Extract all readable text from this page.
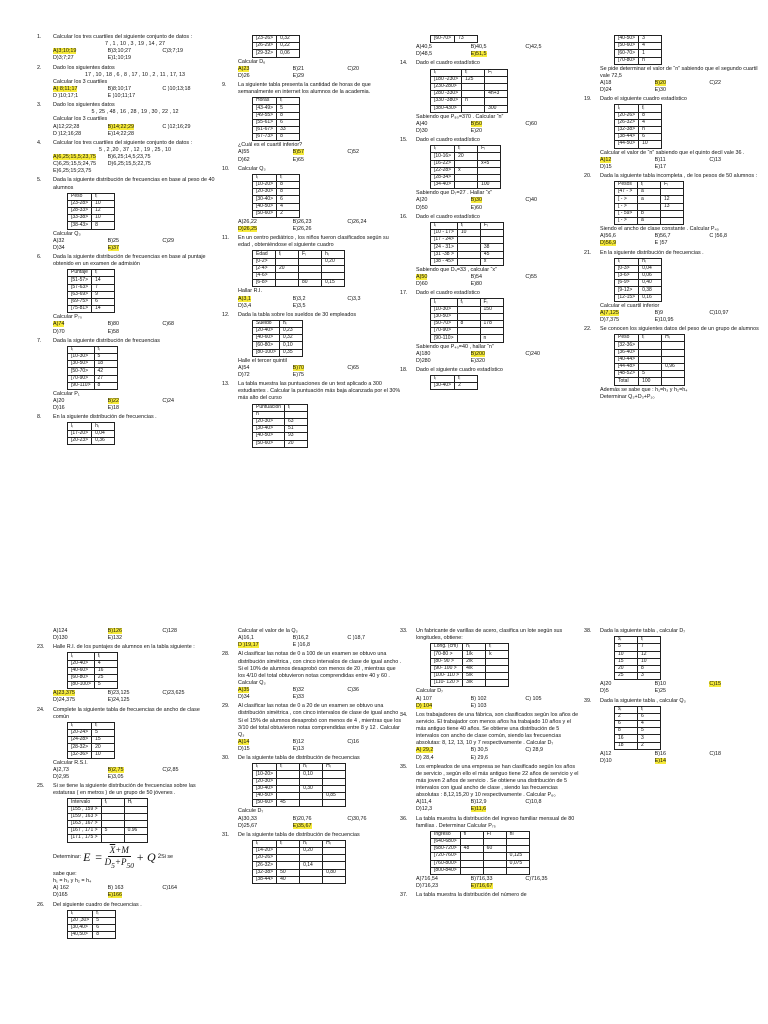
1.	Calcular los tres cuartiles del siguiente conjunto de datos :
7 , 1 , 10 , 3 , 19 , 14 , 27
A)3;10;19	B)3;10;27	C)3;7;19
D)3;7;27	E)1;10;19
2.	Dado los siguientes datos
17 , 10 , 18 , 6 , 8 , 17 , 10 , 2 , 11 , 17, 13
Calcular los 3 cuartiles
A) 8;11;17	B)8;10;17	C )10;13;18
D )10;17;1	E )10;11;17
3.	Dado los siguientes datos
5 , 25 , 48 , 16 , 28 , 19 , 30 , 22 , 12
Calcular los 3 cuartiles
A)12;22;28	B)14;22;29	C )12;16;29
D )12;16;28	E)14;22;28
4.	Calcular los tres cuartiles del siguiente conjunto de datos :
5 , 2 ,20 , 37 , 12 , 19 , 25 , 10
A)6,25;15,5;23,75	B)6,25;14,5;23,75
C)6,25;15,5;24,75	D)6,25;15,5;22,75
E)6,25;15;23,75
5.	Dada la siguiente distribución de frecuencias en base al peso de 40 alumnos
Peso	fᵢ
[23-28>	10
[28-33>	12
[33-38>	10
[38-43>	8
Calcular Q₃
A)32	B)25	C)29
D)34	E)37
6.	Dada la siguiente distribución de frecuencias en base al puntaje obtenido en un examen de admisión
Puntaje	fᵢ
[51-57>	14
[57-63>	7
[63-69>	9
[69-75>	6
[75-81>	14
Calcular P₇₀
A)74	B)80	C)68
D)70	E)58
7.	Dada la siguiente distribución de frecuencias
Iᵢ	fᵢ
[10-30>	5
[30-50>	18
[50-70>	42
[70-90>	27
[90-110>	8
Calcular P₁
A)20	B)22	C)24
D)16	E)18
8.	En la siguiente distribución de frecuencias .
Iᵢ	hᵢ
[17-20>	0,04
[20-23>	0,36
[23-26>	0,32
[26-29>	0,22
[29-32>	0,06
Calcular D₆
A)23	B)21	C)20
D)26	E)29
9.	La siguiente tabla presenta la cantidad de horas de que semanalmente en internet los alumnos de la academia.
Horas	fᵢ
[43-49>	5
[49-55>	8
[55-61>	6
[61-67>	33
[67-73>	8
¿Cuál es el cuartil inferior?
A)55	B)57	C)52
D)62	E)65
10.	Calcular Q₃
Iᵢ	fᵢ
[10-20>	8
[20-30>	8
[30-40>	6
[40-50>	4
[50-60>	2
A)26,22	B)26,23	C)26,24
D)26,25	E)26,26
11.	En un centro pediátrico , los niños fueron clasificados según su edad , obteniéndose el siguiente cuadro
Edad	fᵢ	Fᵢ	hᵢ
[0-2>			0,20
[2-4>	20		
[4-6>			
[6-8>		80	0,15
Hallar R.I.
A)3,1	B)3,2	C)3,3
D)3,4	E)3,5
12.	Dada la tabla sobre los sueldos de 30 empleados
Sueldo	hᵢ
[20-40>	0,23
[40-60>	0,32
[60-80>	0,10
[80-100>	0,35
Halle el tercer quintil
A)54	B)70	C)65
D)72	E)75
13.	La tabla muestra las puntuaciones de un test aplicado a 300 estudiantes . Calcular la puntuación más baja alcanzada por el 30% más alto del curso
Puntuación	fᵢ
n	
[20-30>	63
[30-40>	51
[40-50>	93
[50-60>	20
[60-70>	73
A)40,5	B)40,5	C)42,5
D)48,5	E)51,5
14.	Dado el cuadro estadístico
Iᵢ	fᵢ	Fᵢ
[180 -230>	125	
[230-280>		
[280 -330>		4n+3
[330 -380>	n	
[380-430>		300
Sabiendo que P₈₀=370 . Calcular “n”
A)40	B)50	C)60
D)30	E)20
15.	Dado el cuadro estadístico
Iᵢ	fᵢ	Fᵢ
[10-16>	20	
[16-22>		x+5
[22-28>	x	
[28-34>		
[34-40>		100
Sabiendo que D₇=27 . Hallar “x”
A)20	B)30	C)40
D)50	E)60
16.	Dado el cuadro estadístico
Iᵢ	fᵢ	Fᵢ
[10 - 17>	10	
[17 - 24>		
[24 - 31>		38
[31 -38 >		45
[38 - 45>		x
Sabiendo que D₄=33 , calcular “x”
A)50	B)54	C)55
D)60	E)80
17.	Dado el cuadro estadístico
Iᵢ	fᵢ	Fᵢ
[10-30>		150
[30-50>		
[50-70>	8	178
[70-90>		
[90-110>		n
Sabiendo que P₄₀=40 , hallar “n”
A)180	B)200	C)240
D)280	E)320
18.	Dado el siguiente cuadro estadístico
Iᵢ	fᵢ
[30-40>	2
[40-50>	3
[50-60>	4
[60-70>	1
[70-80>	n
Se pide determinar el valor de “n” sabiendo que el segundo cuartil vale 72,5
A)18	B)20	C)22
D)24	E)30
19.	Dado el siguiente cuadro estadístico
Iᵢ	fᵢ
[20-26>	8
[26-32>	4
[32-38>	n
[38-44>	6
[44-50>	10
Calcular el valor de “n” sabiendo que el quinto decil vale 36 .
A)12	B)11	C)13
D)15	E)17
20.	Dada la siguiente tabla incompleta , de los pesos de 50 alumnos :
Pesos	fᵢ	Fᵢ
[47 - >	a	
[ - >	a	12
[ - >		13
[ - 59>	b	
[ - >	a	
Siendo el ancho de clase constante . Calcular P₄₀
A)56,6	B)56,7	C )56,8
D)56,9	E )57
21.	En la siguiente distribución de frecuencias .
Iᵢ	hᵢ
[0-3>	0,04
[3-6>	0,06
[6-9>	0,40
[9-12>	0,38
[12-15>	0,16
Calcular el cuartil inferior
A)7,125	B)9	C)10,97
D)7,375	E)10,95
22.	Se conocen los siguientes datos del peso de un grupo de alumnos
Peso	fᵢ	Hᵢ
[32-36>		
[36-40>		
[40-44>		
[44-48>		0,96
[48-52>	5	
Total	100	
Además se sabe que : h₁=h₃ y h₂=h₄
Determinar Q₃+D₃+P₁₀
A)124	B)126	C)128
D)130	E)132
23.	Halle R.I. de los puntajes de alumnos en la tabla siguiente :
Iᵢ	fᵢ
[20-40>	4
[40-60>	16
[60-80>	25
[80-100>	5
A)23,375	B)23,125	C)23,625
D)24,375	E)24,125
24.	Complete la siguiente tabla de frecuencias de ancho de clase común
Iᵢ	fᵢ
[20-24>	5
[24-28>	15
[28-32>	20
[32-36>	10
Calcular R.S.I.
A)2,73	B)2,75	C)2,85
D)2,95	E)3,05
25.	Si se tiene la siguiente distribución de frecuencias sobre las estaturas ( en metros ) de un grupo de 50 jóvenes .
Intervalo	fᵢ	Hᵢ
[155 , 159 >		
[159 , 163 >		
[163 , 167 >		
[167 , 171 >	5	0.96
[171 , 175 >		
Determinar: $E = \frac{\overline{X}+M}{D_5+P_{50}} + Q$ 2 Si se
sabe que:
h₁ = h₃ y h₂ = h₄
A) 162	B) 163	C)164
D)165	E)166
26.	Del siguiente cuadro de frecuencias .
Iᵢ	fᵢ
[20 ,30>	5
[30,40>	6
[40,50>	8
Calcular el valor de la Q₃
A)16,1	B)16,2	C )18,7
D )19,17	E )16,8
28.	Al clasificar las notas de 0 a 100 de un examen se obtuvo una distribución simétrica , con cinco intervalos de clase de igual ancho . Si el 10% de alumnos desaprobó con menos de 20 , mientras que los 4/10 del total obtuvieron notas comprendidas entre 40 y 60 . Calcular Q₃
A)35	B)32	C)36
D)34	E)33
29.	Al clasificar las notas de 0 a 20 de un examen se obtuvo una distribución simétrica , con cinco intervalos de clase de igual ancho . Si el 15% de alumnos desaprobó con menos de 4 , mientras que los 3/10 del total obtuvieron notas comprendidas entre 8 y 12 . Calcular Q₃
A)14	B)12	C)16
D)15	E)13
30.	De la siguiente tabla de distribución de frecuencias
Iᵢ	fᵢ	hᵢ	Hᵢ
[10-20>		0,10	
[20-30>			
[30-40>		0,30	
[40-50>			0,85
[50-60>	45		
Calcule D₇
A)30,33	B)20,76	C)30,76
D)25,67	E)35,67
31.	De la siguiente tabla de distribución de frecuencias
Iᵢ	fᵢ	hᵢ	Hᵢ
[14-20>		0,20	
[20-26>			
[26-32>		0,14	
[32-38>	50		0,80
[38-44>	40		
33.	Un fabricante de varillas de acero, clasifica un lote según sus longitudes, obtiene:
Long. (cm)	hᵢ	fᵢ
[70-80 >	1/k	k
[80- 90 >	2/k	
[90- 100 >	4/k	
[100- 110 >	5/k	
[110- 120 >	3/k	
Calcular D₇
A) 107	B) 102	C) 105
D) 104	E) 103
34.	Los trabajadores de una fábrica, son clasificados según los años de servicio. El trabajador con menos años ha trabajado 10 años y el más antiguo tiene 40 años. Se obtiene una distribución de 5 intervalos con ancho de clase común, siendo las frecuencias absolutas: 8, 12, 13, 10 y 7 respectivamente . Calcular D₇
A) 29,2	B) 30,5	C) 28,9
D) 28,4	E) 29,6
35.	Los empleados de una empresa se han clasificado según los años de servicio , según ello el más antiguo tiene 22 años de servicio y el más joven 2 años de servicio . Se obtiene una distribución de 5 intervalos con igual ancho de clase , siendo las frecuencias absolutas : 8,12,15,20 y 10 respectivamente . Calcular P₆₀
A)11,4	B)12,9	C)10,8
D)12,3	E)11,6
36.	La tabla muestra la distribución del ingreso familiar mensual de 80 familias . Determinar Calcular P₇₅
Ingreso	fi	Fi	hi
[640-680>			
[680-720>	48	60	
[720-760>			0,125
[760-800>			0,075
[800-840>			
A)716,54	B)716,33	C)716,35
D)716,23	E)716,67
37.	La tabla muestra la distribución del número de
38.	Dada la siguiente tabla , calcular D₇
xᵢ	fᵢ
5	7
10	12
15	10
20	8
25	3
A)20	B)10	C)15
D)5	E)25
39.	Dada la siguiente tabla , calcular Q₃
xᵢ	fᵢ
2	6
6	4
8	5
16	3
18	2
A)12	B)16	C)18
D)10	E)14
